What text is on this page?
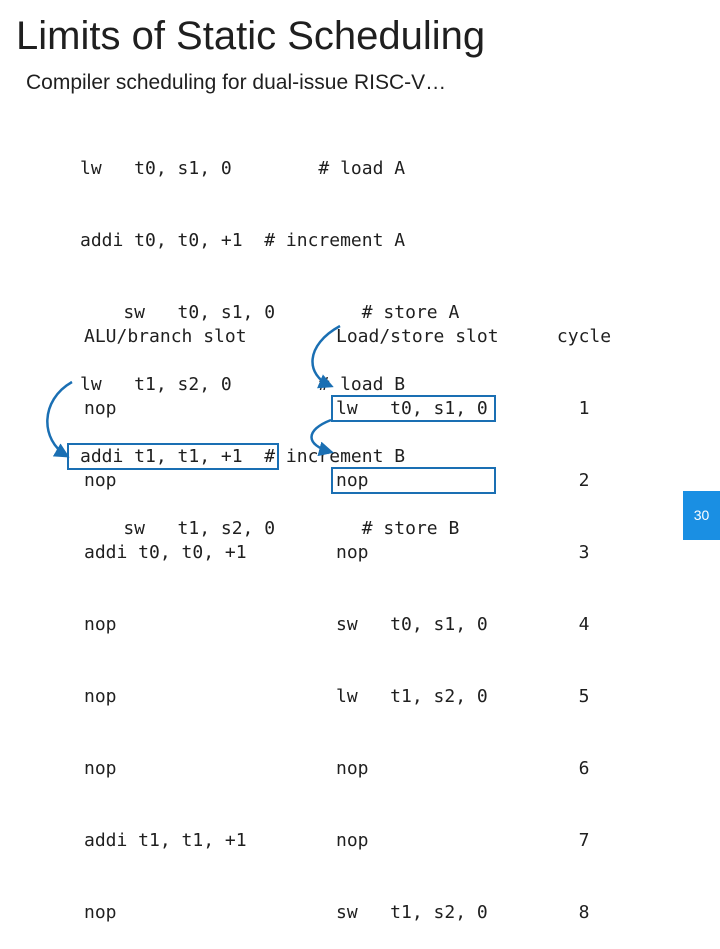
Limits of Static Scheduling
Compiler scheduling for dual-issue RISC-V…

lw   t0, s1, 0        # load A

addi t0, t0, +1  # increment A

sw   t0, s1, 0        # store A

lw   t1, s2, 0        # load B

addi t1, t1, +1  # increment B

sw   t1, s2, 0        # store B

ALU/branch slot

nop

nop

addi t0, t0, +1

nop

nop

nop

addi t1, t1, +1

nop

Load/store slot

lw   t0, s1, 0

nop

nop

sw   t0, s1, 0

lw   t1, s2, 0

nop

nop

sw   t1, s2, 0

cycle

1

2

3

4

5

6

7

8

30
